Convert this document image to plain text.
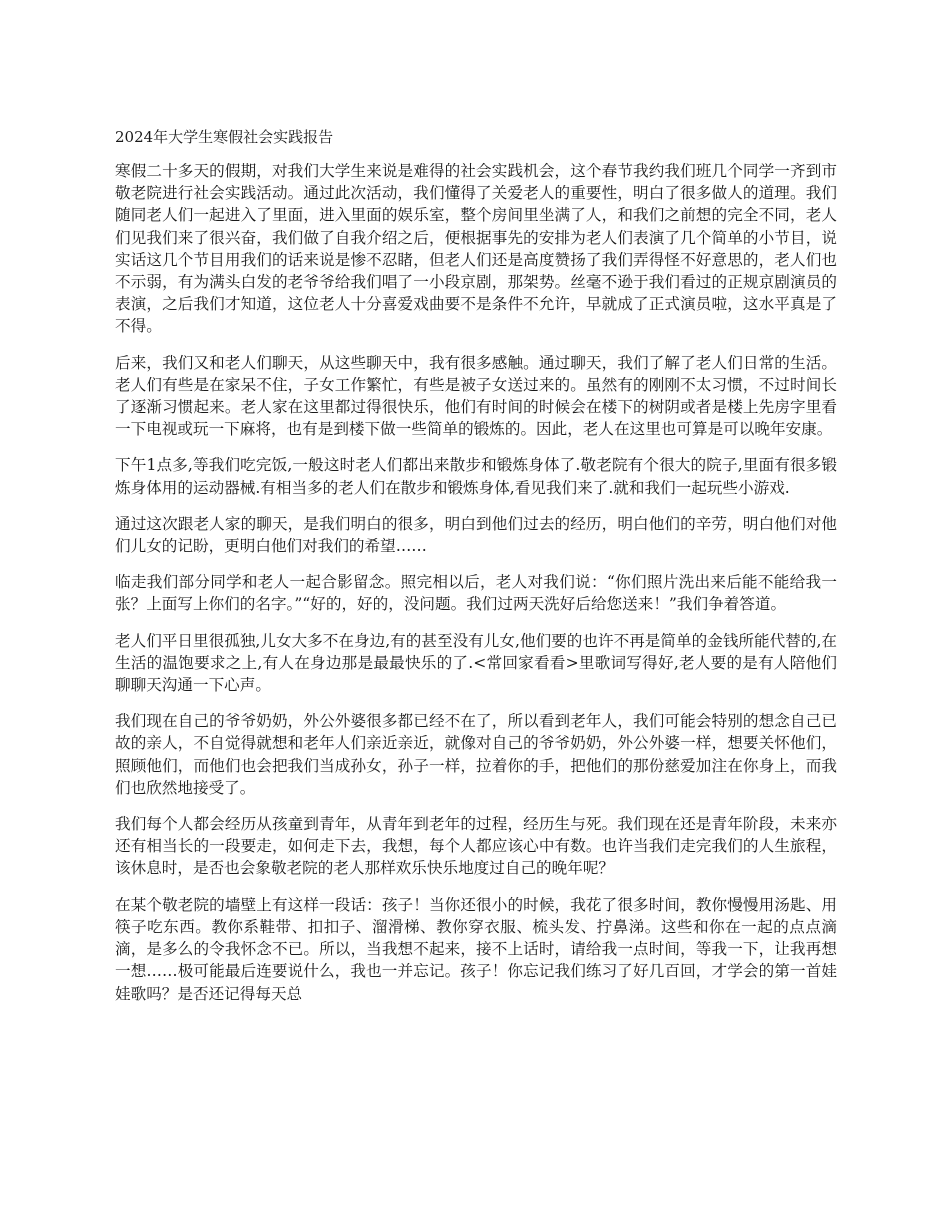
2024年大学生寒假社会实践报告

寒假二十多天的假期，对我们大学生来说是难得的社会实践机会，这个春节我约我们班几个同学一齐到市敬老院进行社会实践活动。通过此次活动，我们懂得了关爱老人的重要性，明白了很多做人的道理。我们随同老人们一起进入了里面，进入里面的娱乐室，整个房间里坐满了人，和我们之前想的完全不同，老人们见我们来了很兴奋，我们做了自我介绍之后，便根据事先的安排为老人们表演了几个简单的小节目，说实话这几个节目用我们的话来说是惨不忍睹，但老人们还是高度赞扬了我们弄得怪不好意思的，老人们也不示弱，有为满头白发的老爷爷给我们唱了一小段京剧，那架势。丝毫不逊于我们看过的正规京剧演员的表演，之后我们才知道，这位老人十分喜爱戏曲要不是条件不允许，早就成了正式演员啦，这水平真是了不得。

后来，我们又和老人们聊天，从这些聊天中，我有很多感触。通过聊天，我们了解了老人们日常的生活。老人们有些是在家呆不住，子女工作繁忙，有些是被子女送过来的。虽然有的刚刚不太习惯，不过时间长了逐渐习惯起来。老人家在这里都过得很快乐，他们有时间的时候会在楼下的树阴或者是楼上先房字里看一下电视或玩一下麻将，也有是到楼下做一些简单的锻炼的。因此，老人在这里也可算是可以晚年安康。

下午1点多,等我们吃完饭,一般这时老人们都出来散步和锻炼身体了.敬老院有个很大的院子,里面有很多锻炼身体用的运动器械.有相当多的老人们在散步和锻炼身体,看见我们来了.就和我们一起玩些小游戏.

通过这次跟老人家的聊天，是我们明白的很多，明白到他们过去的经历，明白他们的辛劳，明白他们对他们儿女的记盼，更明白他们对我们的希望……

临走我们部分同学和老人一起合影留念。照完相以后，老人对我们说：“你们照片洗出来后能不能给我一张？上面写上你们的名字。”“好的，好的，没问题。我们过两天洗好后给您送来！”我们争着答道。

老人们平日里很孤独,儿女大多不在身边,有的甚至没有儿女,他们要的也许不再是简单的金钱所能代替的,在生活的温饱要求之上,有人在身边那是最最快乐的了.<常回家看看>里歌词写得好,老人要的是有人陪他们聊聊天沟通一下心声。

我们现在自己的爷爷奶奶，外公外婆很多都已经不在了，所以看到老年人，我们可能会特别的想念自己已故的亲人，不自觉得就想和老年人们亲近亲近，就像对自己的爷爷奶奶，外公外婆一样，想要关怀他们，照顾他们，而他们也会把我们当成孙女，孙子一样，拉着你的手，把他们的那份慈爱加注在你身上，而我们也欣然地接受了。

我们每个人都会经历从孩童到青年，从青年到老年的过程，经历生与死。我们现在还是青年阶段，未来亦还有相当长的一段要走，如何走下去，我想，每个人都应该心中有数。也许当我们走完我们的人生旅程，该休息时，是否也会象敬老院的老人那样欢乐快乐地度过自己的晚年呢？

在某个敬老院的墙壁上有这样一段话：孩子！当你还很小的时候，我花了很多时间，教你慢慢用汤匙、用筷子吃东西。教你系鞋带、扣扣子、溜滑梯、教你穿衣服、梳头发、拧鼻涕。这些和你在一起的点点滴滴，是多么的令我怀念不已。所以，当我想不起来，接不上话时，请给我一点时间，等我一下，让我再想一想……极可能最后连要说什么，我也一并忘记。孩子！你忘记我们练习了好几百回，才学会的第一首娃娃歌吗？是否还记得每天总
